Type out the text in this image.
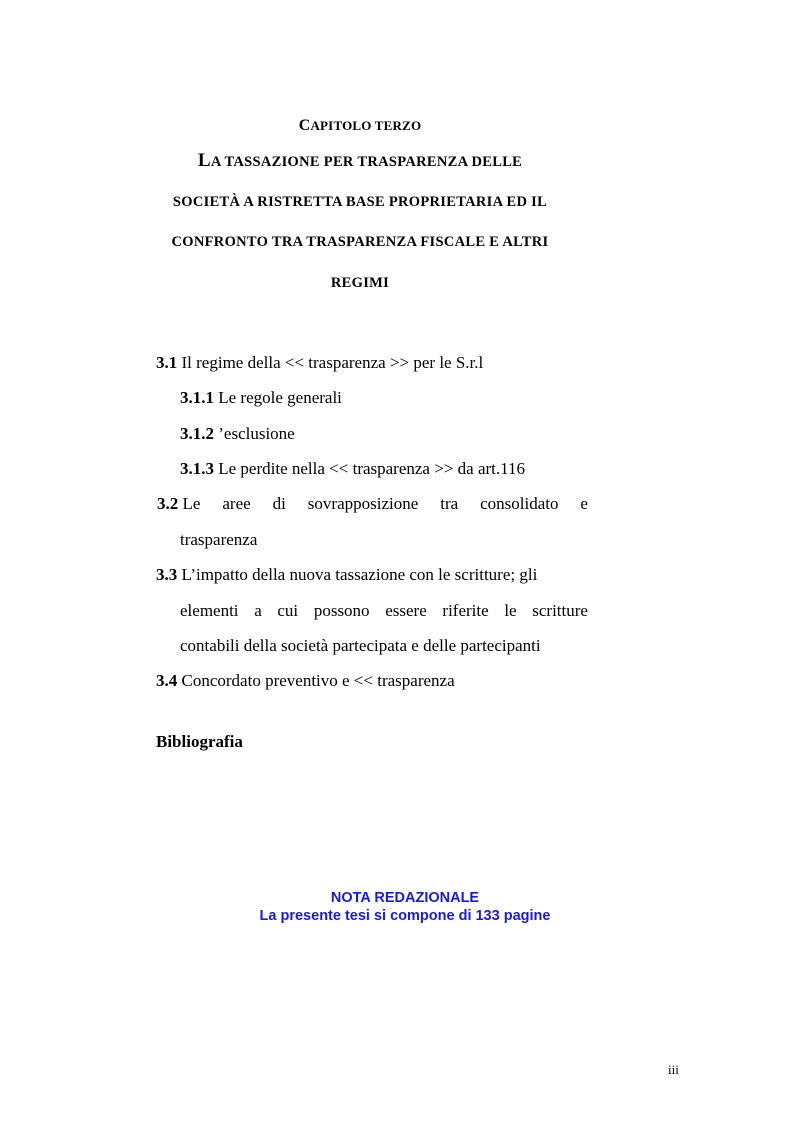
CAPITOLO TERZO
LA TASSAZIONE PER TRASPARENZA DELLE
SOCIETÀ A RISTRETTA BASE PROPRIETARIA ED IL
CONFRONTO TRA TRASPARENZA FISCALE E ALTRI
REGIMI
3.1 Il regime della << trasparenza >> per le S.r.l
3.1.1 Le regole generali
3.1.2 ’esclusione
3.1.3 Le perdite nella << trasparenza >> da art.116
3.2 Le aree di sovrapposizione tra consolidato e
trasparenza
3.3 L’impatto della nuova tassazione con le scritture; gli
elementi a cui possono essere riferite le scritture
contabili della società partecipata e delle partecipanti
3.4 Concordato preventivo e << trasparenza
Bibliografia
NOTA REDAZIONALE
La presente tesi si compone di 133 pagine
iii
